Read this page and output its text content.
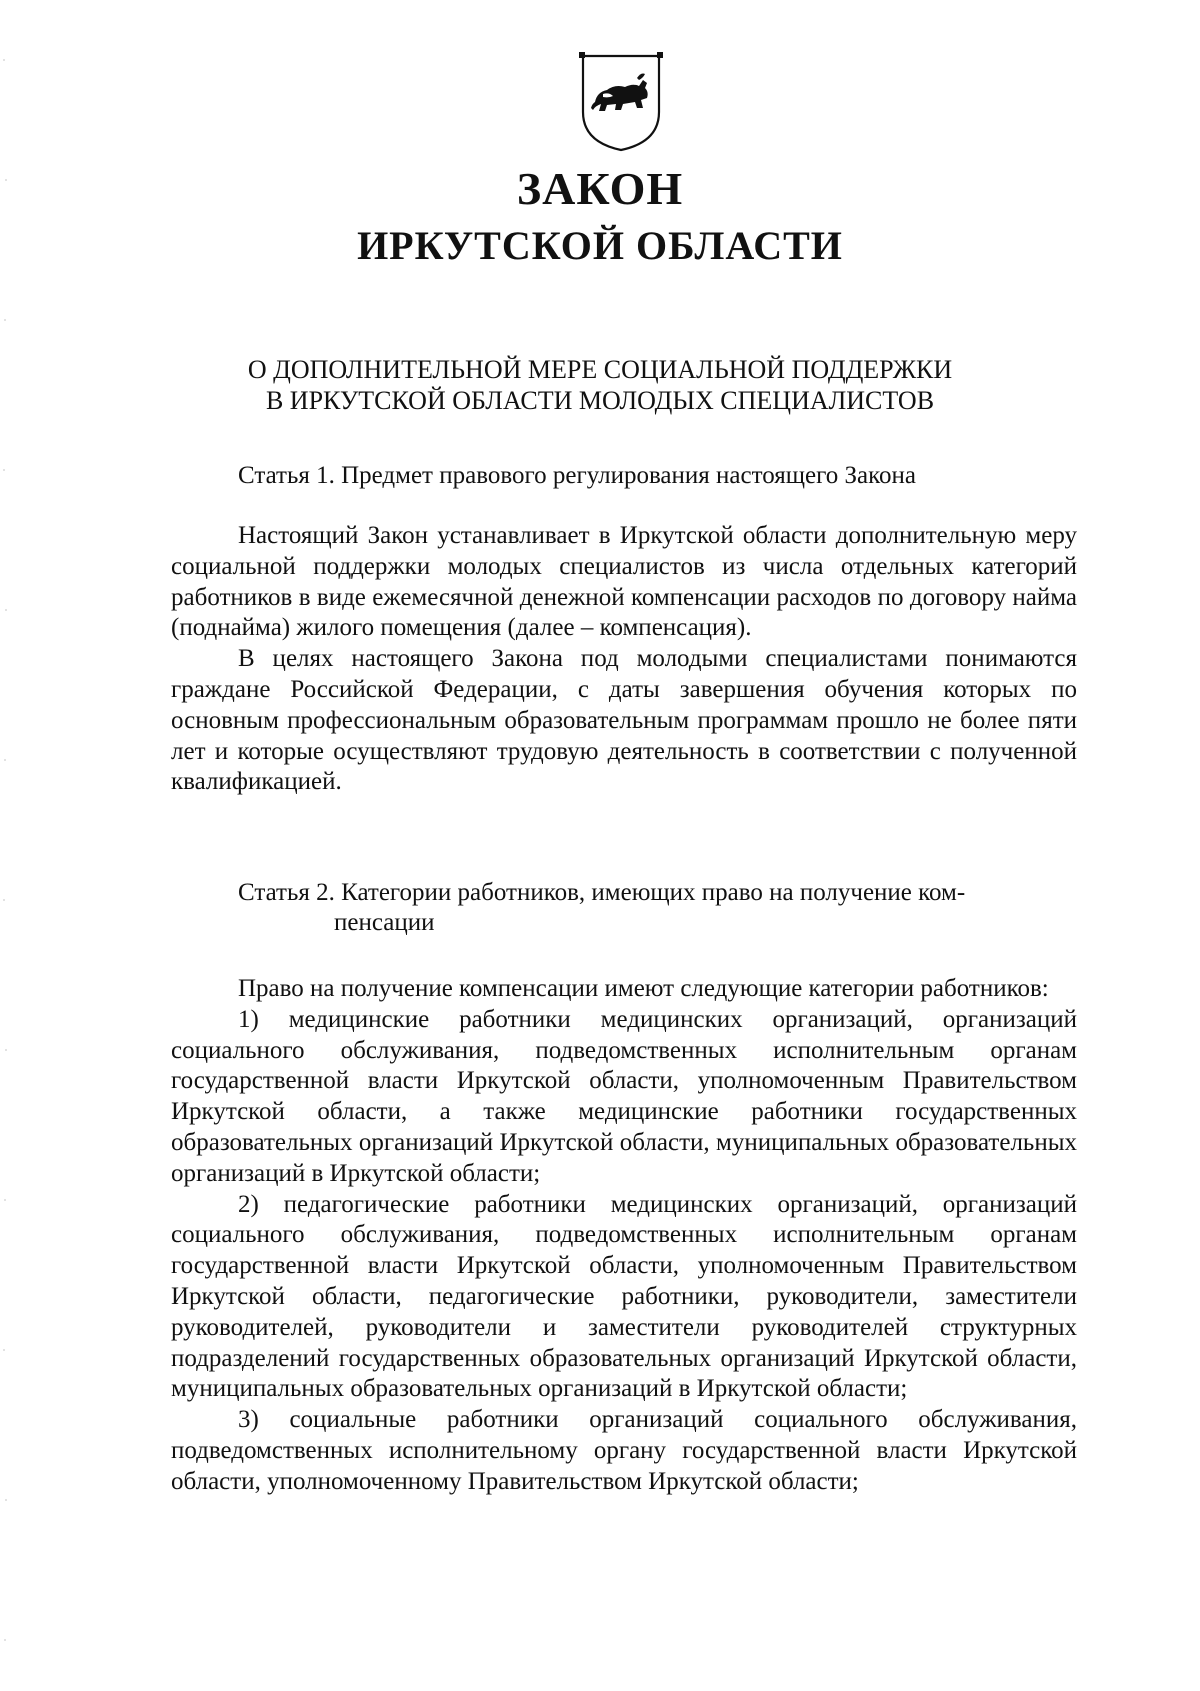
ЗАКОН
ИРКУТСКОЙ ОБЛАСТИ
О ДОПОЛНИТЕЛЬНОЙ МЕРЕ СОЦИАЛЬНОЙ ПОДДЕРЖКИ
В ИРКУТСКОЙ ОБЛАСТИ МОЛОДЫХ СПЕЦИАЛИСТОВ
Статья 1. Предмет правового регулирования настоящего Закона

Настоящий Закон устанавливает в Иркутской области дополнительную меру социальной поддержки молодых специалистов из числа отдельных категорий работников в виде ежемесячной денежной компенсации расходов по договору найма (поднайма) жилого помещения (далее – компенсация).

В целях настоящего Закона под молодыми специалистами понимаются граждане Российской Федерации, с даты завершения обучения которых по основным профессиональным образовательным программам прошло не более пяти лет и которые осуществляют трудовую деятельность в соответствии с полученной квалификацией.

Статья 2. Категории работников, имеющих право на получение ком-
пенсации

Право на получение компенсации имеют следующие категории работников:

1) медицинские работники медицинских организаций, организаций социального обслуживания, подведомственных исполнительным органам государственной власти Иркутской области, уполномоченным Правительством Иркутской области, а также медицинские работники государственных образовательных организаций Иркутской области, муниципальных образовательных организаций в Иркутской области;

2) педагогические работники медицинских организаций, организаций социального обслуживания, подведомственных исполнительным органам государственной власти Иркутской области, уполномоченным Правительством Иркутской области, педагогические работники, руководители, заместители руководителей, руководители и заместители руководителей структурных подразделений государственных образовательных организаций Иркутской области, муниципальных образовательных организаций в Иркутской области;

3) социальные работники организаций социального обслуживания, подведомственных исполнительному органу государственной власти Иркутской области, уполномоченному Правительством Иркутской области;
